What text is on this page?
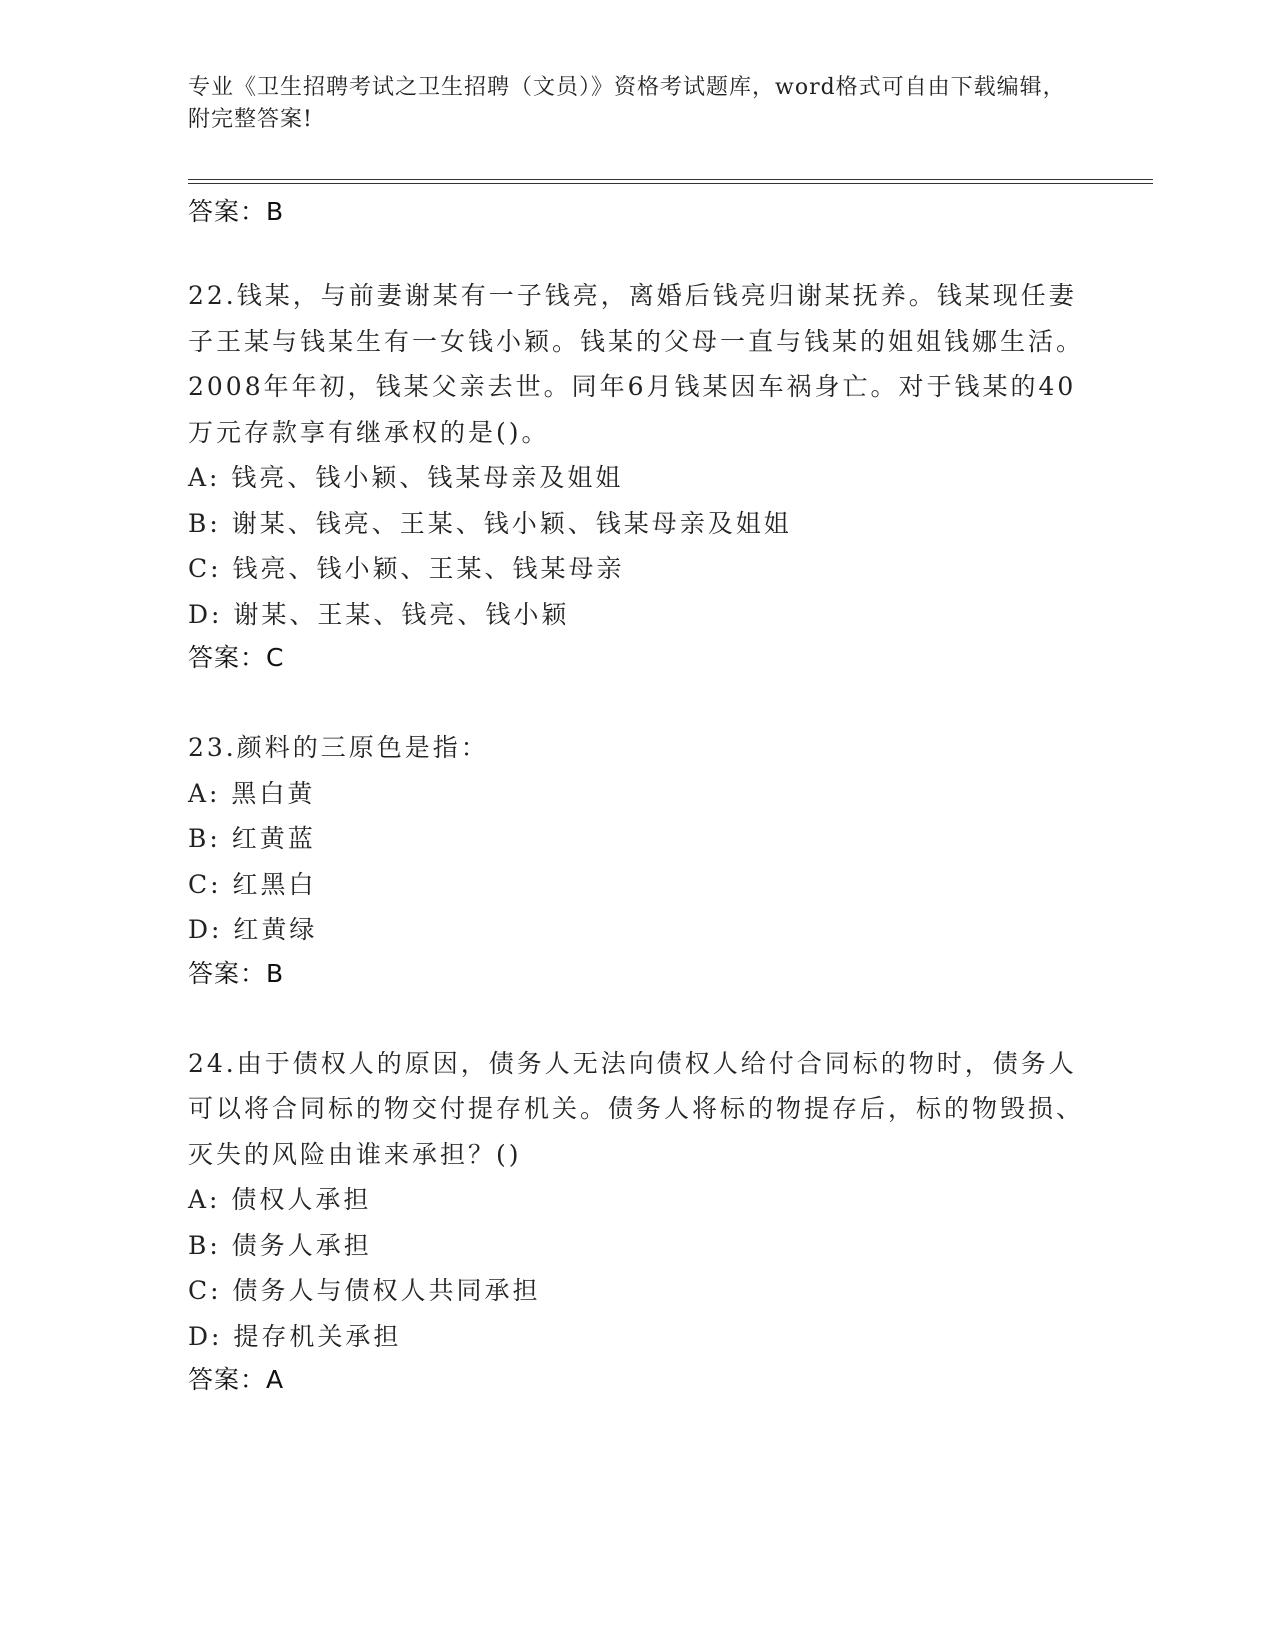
专业《卫生招聘考试之卫生招聘（文员）》资格考试题库，word格式可自由下载编辑，附完整答案!
答案：B
22.钱某，与前妻谢某有一子钱亮，离婚后钱亮归谢某抚养。钱某现任妻子王某与钱某生有一女钱小颖。钱某的父母一直与钱某的姐姐钱娜生活。2008年年初，钱某父亲去世。同年6月钱某因车祸身亡。对于钱某的40万元存款享有继承权的是()。
A: 钱亮、钱小颖、钱某母亲及姐姐
B: 谢某、钱亮、王某、钱小颖、钱某母亲及姐姐
C: 钱亮、钱小颖、王某、钱某母亲
D: 谢某、王某、钱亮、钱小颖
答案：C
23.颜料的三原色是指：
A: 黑白黄
B: 红黄蓝
C: 红黑白
D: 红黄绿
答案：B
24.由于债权人的原因，债务人无法向债权人给付合同标的物时，债务人可以将合同标的物交付提存机关。债务人将标的物提存后，标的物毁损、灭失的风险由谁来承担？()
A: 债权人承担
B: 债务人承担
C: 债务人与债权人共同承担
D: 提存机关承担
答案：A
